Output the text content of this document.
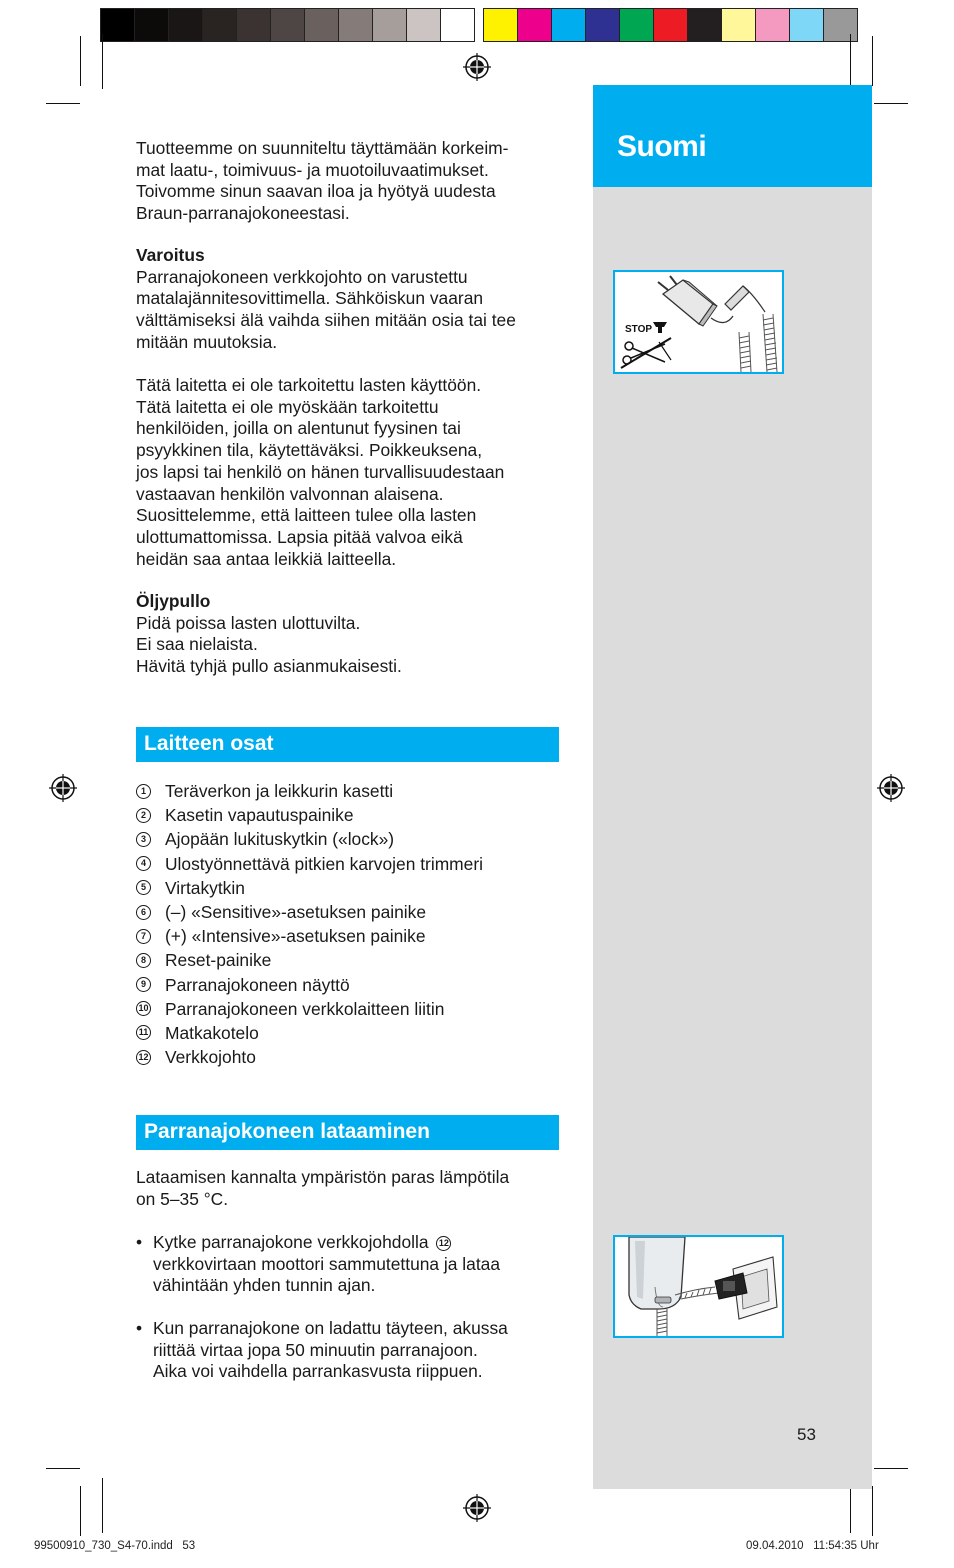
Suomi
STOP

Tuotteemme on suunniteltu täyttämään korkeim-
mat laatu-, toimivuus- ja muotoiluvaatimukset.
Toivomme sinun saavan iloa ja hyötyä uudesta
Braun-parranajokoneestasi.

Varoitus
Parranajokoneen verkkojohto on varustettu
matalajännitesovittimella. Sähköiskun vaaran
välttämiseksi älä vaihda siihen mitään osia tai tee
mitään muutoksia.

Tätä laitetta ei ole tarkoitettu lasten käyttöön.
Tätä laitetta ei ole myöskään tarkoitettu
henkilöiden, joilla on alentunut fyysinen tai
psyykkinen tila, käytettäväksi. Poikkeuksena,
jos lapsi tai henkilö on hänen turvallisuudestaan
vastaavan henkilön valvonnan alaisena.
Suosittelemme, että laitteen tulee olla lasten
ulottumattomissa. Lapsia pitää valvoa eikä
heidän saa antaa leikkiä laitteella.

Öljypullo
Pidä poissa lasten ulottuvilta.
Ei saa nielaista.
Hävitä tyhjä pullo asianmukaisesti.

Laitteen osat
1 Teräverkon ja leikkurin kasetti
2 Kasetin vapautuspainike
3 Ajopään lukituskytkin («lock»)
4 Ulostyönnettävä pitkien karvojen trimmeri
5 Virtakytkin
6 (–) «Sensitive»-asetuksen painike
7 (+) «Intensive»-asetuksen painike
8 Reset-painike
9 Parranajokoneen näyttö
10 Parranajokoneen verkkolaitteen liitin
11 Matkakotelo
12 Verkkojohto
Parranajokoneen lataaminen

Lataamisen kannalta ympäristön paras lämpötila
on 5–35 °C.

• Kytke parranajokone verkkojohdolla 12
verkkovirtaan moottori sammutettuna ja lataa
vähintään yhden tunnin ajan.
• Kun parranajokone on ladattu täyteen, akussa
riittää virtaa jopa 50 minuutin parranajoon.
Aika voi vaihdella parrankasvusta riippuen.
53
99500910_730_S4-70.indd   53	09.04.2010   11:54:35 Uhr
